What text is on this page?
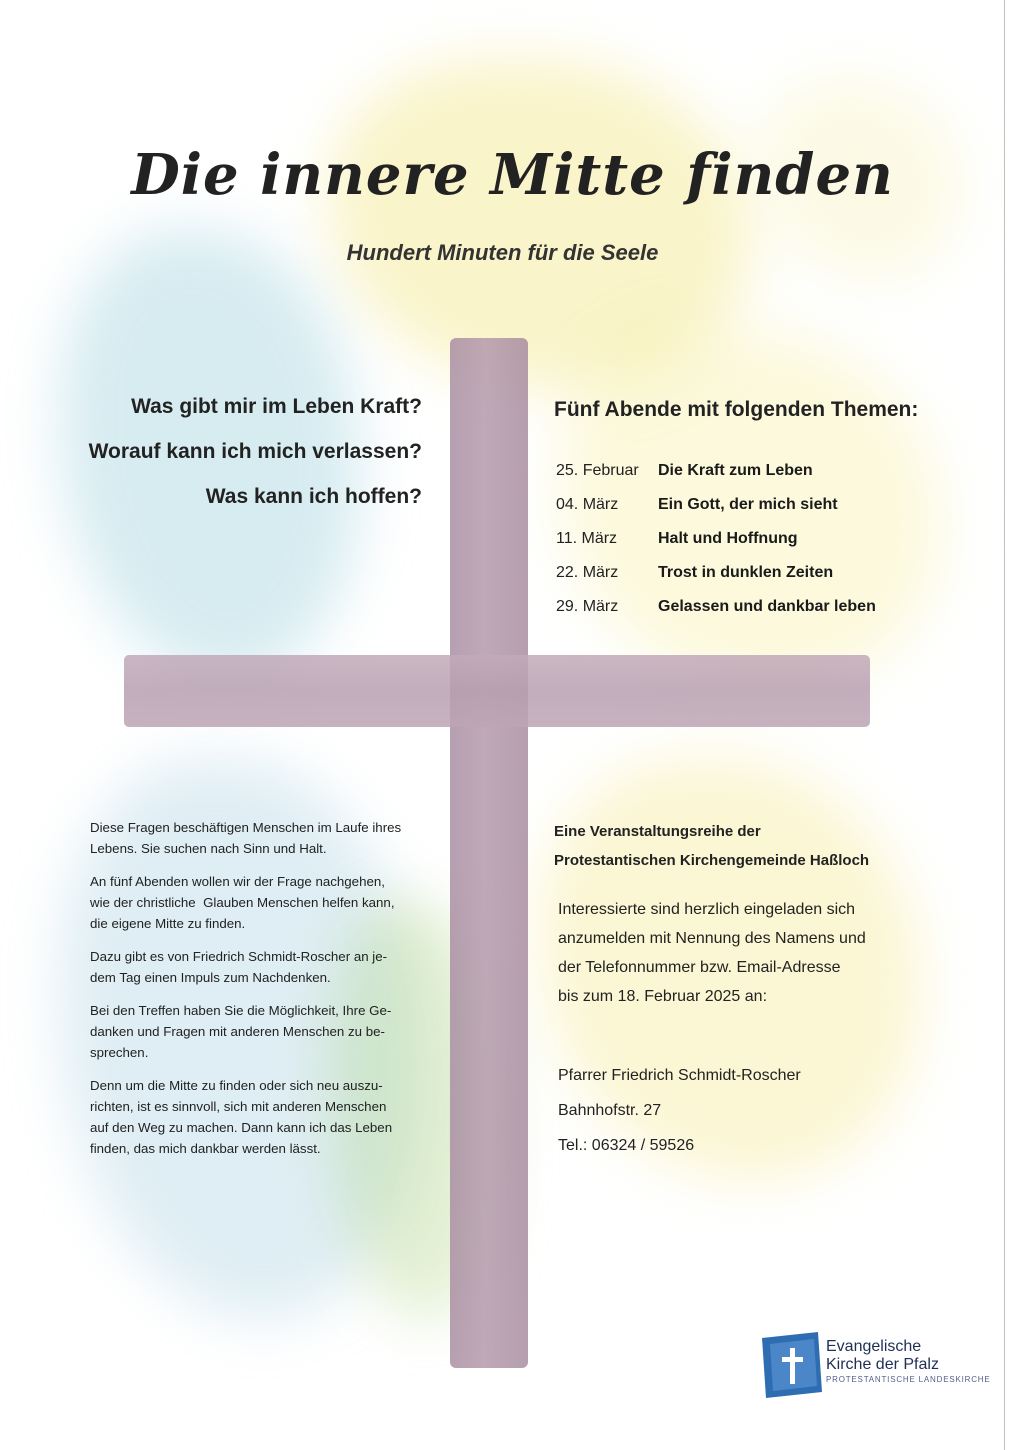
Die innere Mitte finden
Hundert Minuten für die Seele
Was gibt mir im Leben Kraft?
Worauf kann ich mich verlassen?
Was kann ich hoffen?
Fünf Abende mit folgenden Themen:
25. Februar	Die Kraft zum Leben
04. März	Ein Gott, der mich sieht
11. März	Halt und Hoffnung
22. März	Trost in dunklen Zeiten
29. März	Gelassen und dankbar leben

Diese Fragen beschäftigen Menschen im Laufe ihres
Lebens. Sie suchen nach Sinn und Halt.

An fünf Abenden wollen wir der Frage nachgehen,
wie der christliche  Glauben Menschen helfen kann,
die eigene Mitte zu finden.

Dazu gibt es von Friedrich Schmidt-Roscher an je-
dem Tag einen Impuls zum Nachdenken.

Bei den Treffen haben Sie die Möglichkeit, Ihre Ge-
danken und Fragen mit anderen Menschen zu be-
sprechen.

Denn um die Mitte zu finden oder sich neu auszu-
richten, ist es sinnvoll, sich mit anderen Menschen
auf den Weg zu machen. Dann kann ich das Leben
finden, das mich dankbar werden lässt.

Eine Veranstaltungsreihe der
Protestantischen Kirchengemeinde Haßloch
Interessierte sind herzlich eingeladen sich
anzumelden mit Nennung des Namens und
der Telefonnummer bzw. Email-Adresse
bis zum 18. Februar 2025 an:
Pfarrer Friedrich Schmidt-Roscher
Bahnhofstr. 27
Tel.: 06324 / 59526
Evangelische
Kirche der Pfalz
PROTESTANTISCHE LANDESKIRCHE
